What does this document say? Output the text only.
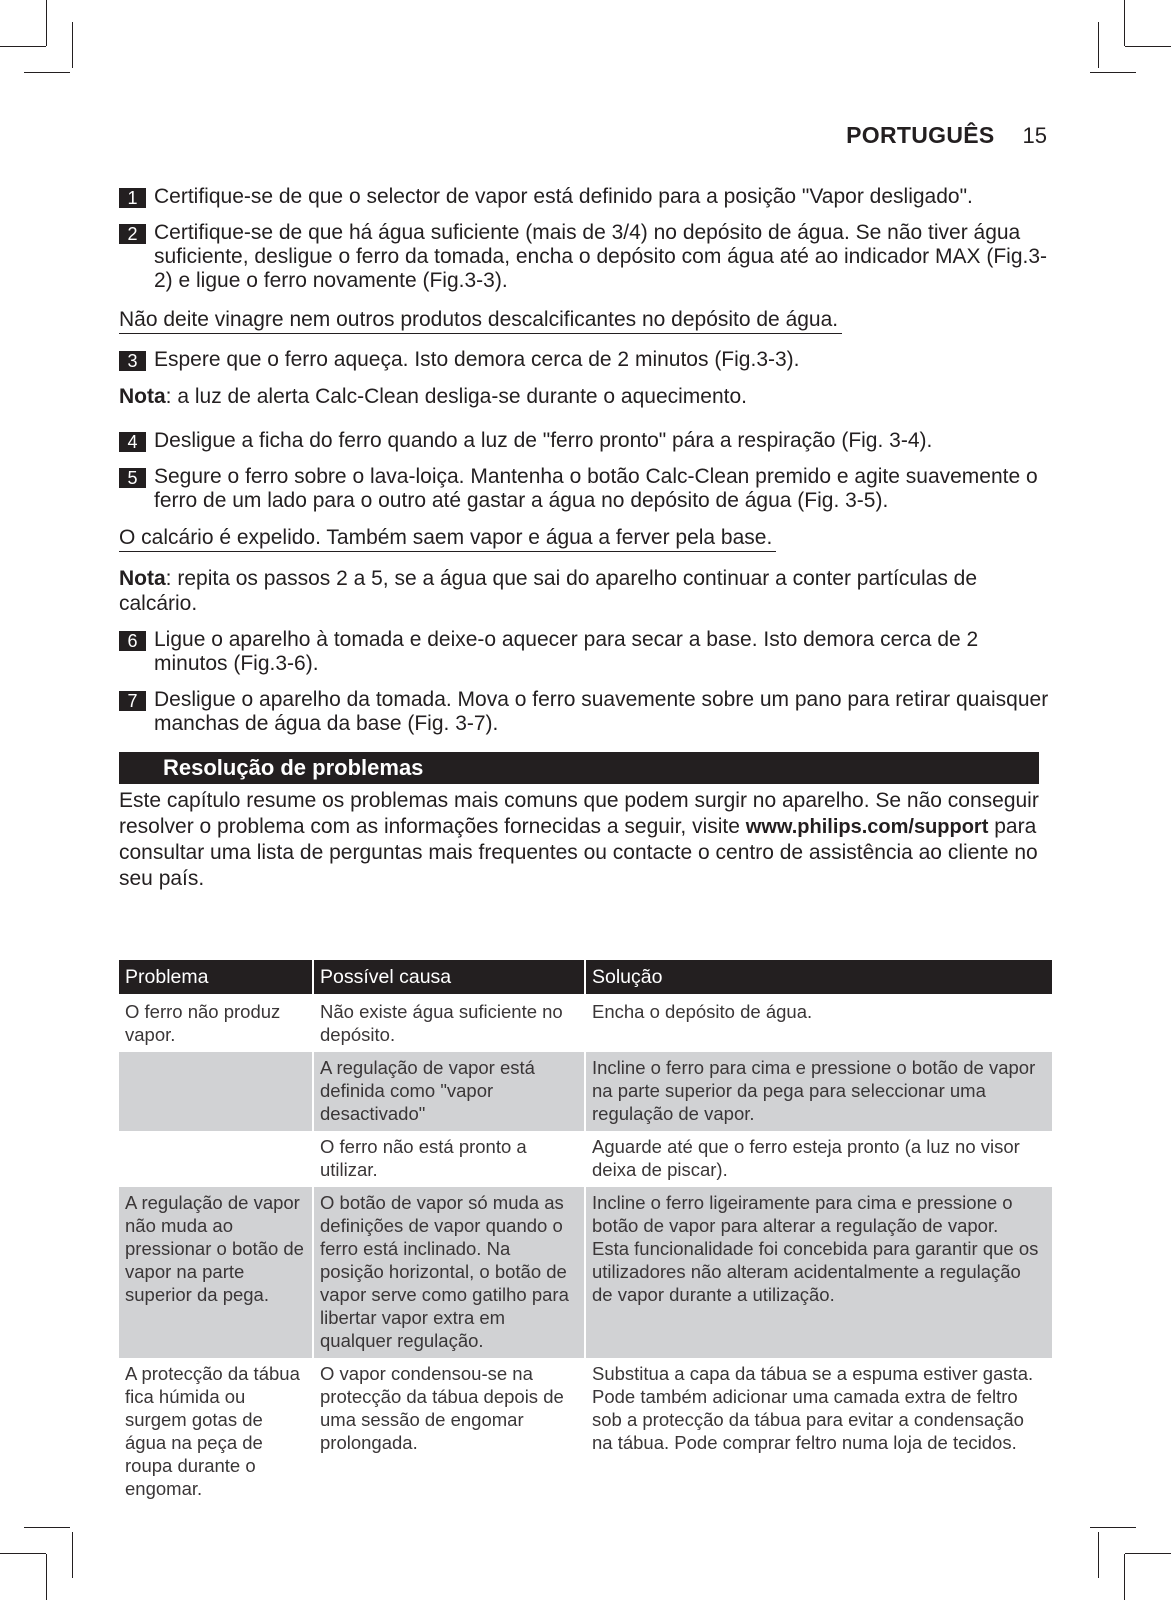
PORTUGUÊS 15
1 Certifique-se de que o selector de vapor está definido para a posição "Vapor desligado".
2 Certifique-se de que há água suficiente (mais de 3/4) no depósito de água. Se não tiver água suficiente, desligue o ferro da tomada, encha o depósito com água até ao indicador MAX (Fig.3-2) e ligue o ferro novamente (Fig.3-3).
Não deite vinagre nem outros produtos descalcificantes no depósito de água.
3 Espere que o ferro aqueça. Isto demora cerca de 2 minutos (Fig.3-3).
Nota: a luz de alerta Calc-Clean desliga-se durante o aquecimento.
4 Desligue a ficha do ferro quando a luz de "ferro pronto" pára a respiração (Fig. 3-4).
5 Segure o ferro sobre o lava-loiça. Mantenha o botão Calc-Clean premido e agite suavemente o ferro de um lado para o outro até gastar a água no depósito de água (Fig. 3-5).
O calcário é expelido. Também saem vapor e água a ferver pela base.
Nota: repita os passos 2 a 5, se a água que sai do aparelho continuar a conter partículas de calcário.
6 Ligue o aparelho à tomada e deixe-o aquecer para secar a base. Isto demora cerca de 2 minutos (Fig.3-6).
7 Desligue o aparelho da tomada. Mova o ferro suavemente sobre um pano para retirar quaisquer manchas de água da base (Fig. 3-7).
Resolução de problemas
Este capítulo resume os problemas mais comuns que podem surgir no aparelho. Se não conseguir resolver o problema com as informações fornecidas a seguir, visite www.philips.com/support para consultar uma lista de perguntas mais frequentes ou contacte o centro de assistência ao cliente no seu país.
Problema	Possível causa	Solução
O ferro não produz vapor.	Não existe água suficiente no depósito.	Encha o depósito de água.
	A regulação de vapor está definida como "vapor desactivado"	Incline o ferro para cima e pressione o botão de vapor na parte superior da pega para seleccionar uma regulação de vapor.
	O ferro não está pronto a utilizar.	Aguarde até que o ferro esteja pronto (a luz no visor deixa de piscar).
A regulação de vapor não muda ao pressionar o botão de vapor na parte superior da pega.	O botão de vapor só muda as definições de vapor quando o ferro está inclinado. Na posição horizontal, o botão de vapor serve como gatilho para libertar vapor extra em qualquer regulação.	Incline o ferro ligeiramente para cima e pressione o botão de vapor para alterar a regulação de vapor.
Esta funcionalidade foi concebida para garantir que os utilizadores não alteram acidentalmente a regulação de vapor durante a utilização.

A protecção da tábua fica húmida ou surgem gotas de água na peça de roupa durante o engomar.	O vapor condensou-se na protecção da tábua depois de uma sessão de engomar prolongada.	Substitua a capa da tábua se a espuma estiver gasta. Pode também adicionar uma camada extra de feltro sob a protecção da tábua para evitar a condensação na tábua. Pode comprar feltro numa loja de tecidos.
